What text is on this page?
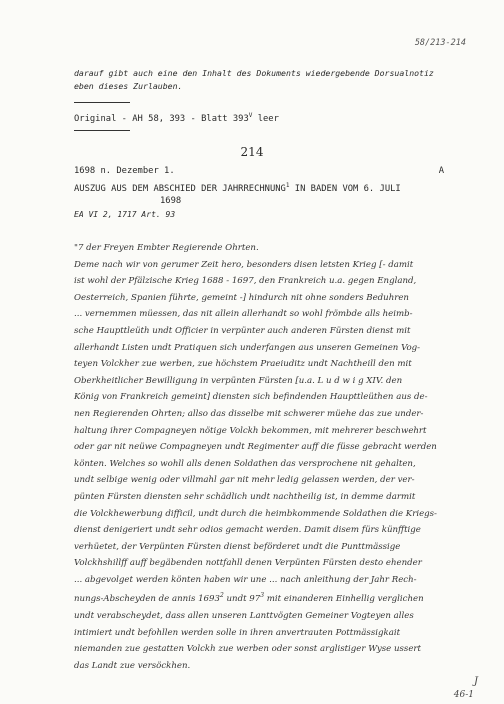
58/213-214
darauf gibt auch eine den Inhalt des Dokuments wiedergebende Dorsualnotiz
eben dieses Zurlauben.
Original - AH 58, 393 - Blatt $393^V$ leer
214
1698 n. Dezember 1.	A
AUSZUG AUS DEM ABSCHIED DER JAHRRECHNUNG$^1$ IN BADEN VOM 6. JULI
1698
EA VI 2, 1717 Art. 93
"7 der Freyen Embter Regierende Ohrten.
Deme nach wir von gerumer Zeit hero, besonders disen letsten Krieg [- damit
ist wohl der Pfälzische Krieg 1688 - 1697, den Frankreich u.a. gegen England,
Oesterreich, Spanien führte, gemeint -] hindurch nit ohne sonders Beduhren
... vernemmen müessen, das nit allein allerhandt so wohl frömbde alls heimb-
sche Haupttleüth undt Officier in verpünter auch anderen Fürsten dienst mit
allerhandt Listen undt Pratiquen sich underfangen aus unseren Gemeinen Vog-
teyen Volckher zue werben, zue höchstem Praeiuditz undt Nachtheill den mit
Oberkheitlicher Bewilligung in verpünten Fürsten [u.a. L u d w i g XIV. den
König von Frankreich gemeint] diensten sich befindenden Haupttleüthen aus de-
nen Regierenden Ohrten; allso das disselbe mit schwerer müehe das zue under-
haltung ihrer Compagneyen nötige Volckh bekommen, mit mehrerer beschwehrt
oder gar nit neüwe Compagneyen undt Regimenter auff die füsse gebracht werden
könten. Welches so wohll alls denen Soldathen das versprochene nit gehalten,
undt selbige wenig oder villmahl gar nit mehr ledig gelassen werden, der ver-
pünten Fürsten diensten sehr schädlich undt nachtheilig ist, in demme darmit
die Volckhewerbung difficil, undt durch die heimbkommende Soldathen die Kriegs-
dienst denigeriert undt sehr odios gemacht werden. Damit disem fürs künfftige
verhüetet, der Verpünten Fürsten dienst beförderet undt die Punttmässige
Volckhshillff auff begäbenden nottfahll denen Verpünten Fürsten desto ehender
... abgevolget werden könten haben wir une ... nach anleithung der Jahr Rech-
nungs-Abscheyden de annis 1693$^2$ undt $97^3$ mit einanderen Einhellig verglichen
undt verabscheydet, dass allen unseren Lanttvögten Gemeiner Vogteyen alles
intimiert undt befohllen werden solle in ihren anvertrauten Pottmässigkait
niemanden zue gestatten Volckh zue werben oder sonst arglistiger Wyse ussert
das Landt zue versöckhen.
J
46-1
